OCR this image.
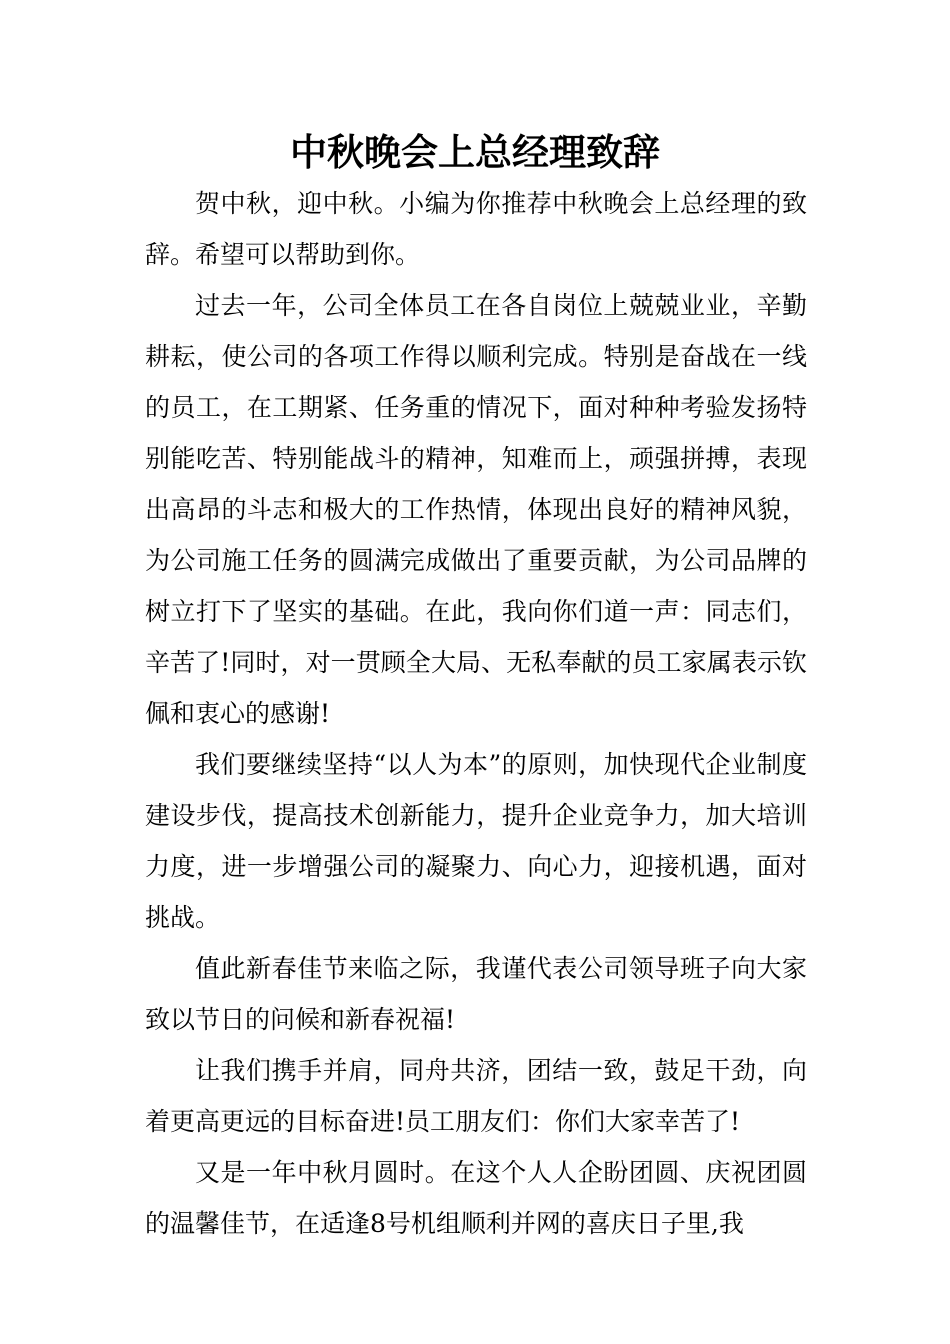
中秋晚会上总经理致辞

贺中秋，迎中秋。小编为你推荐中秋晚会上总经理的致辞。希望可以帮助到你。

过去一年，公司全体员工在各自岗位上兢兢业业，辛勤耕耘，使公司的各项工作得以顺利完成。特别是奋战在一线的员工，在工期紧、任务重的情况下，面对种种考验发扬特别能吃苦、特别能战斗的精神，知难而上，顽强拼搏，表现出高昂的斗志和极大的工作热情，体现出良好的精神风貌，为公司施工任务的圆满完成做出了重要贡献，为公司品牌的树立打下了坚实的基础。在此，我向你们道一声：同志们，辛苦了!同时，对一贯顾全大局、无私奉献的员工家属表示钦佩和衷心的感谢!

我们要继续坚持“以人为本”的原则，加快现代企业制度建设步伐，提高技术创新能力，提升企业竞争力，加大培训力度，进一步增强公司的凝聚力、向心力，迎接机遇，面对挑战。

值此新春佳节来临之际，我谨代表公司领导班子向大家致以节日的问候和新春祝福!

让我们携手并肩，同舟共济，团结一致，鼓足干劲，向着更高更远的目标奋进!员工朋友们：你们大家幸苦了!

又是一年中秋月圆时。在这个人人企盼团圆、庆祝团圆的温馨佳节，在适逢8号机组顺利并网的喜庆日子里,我
